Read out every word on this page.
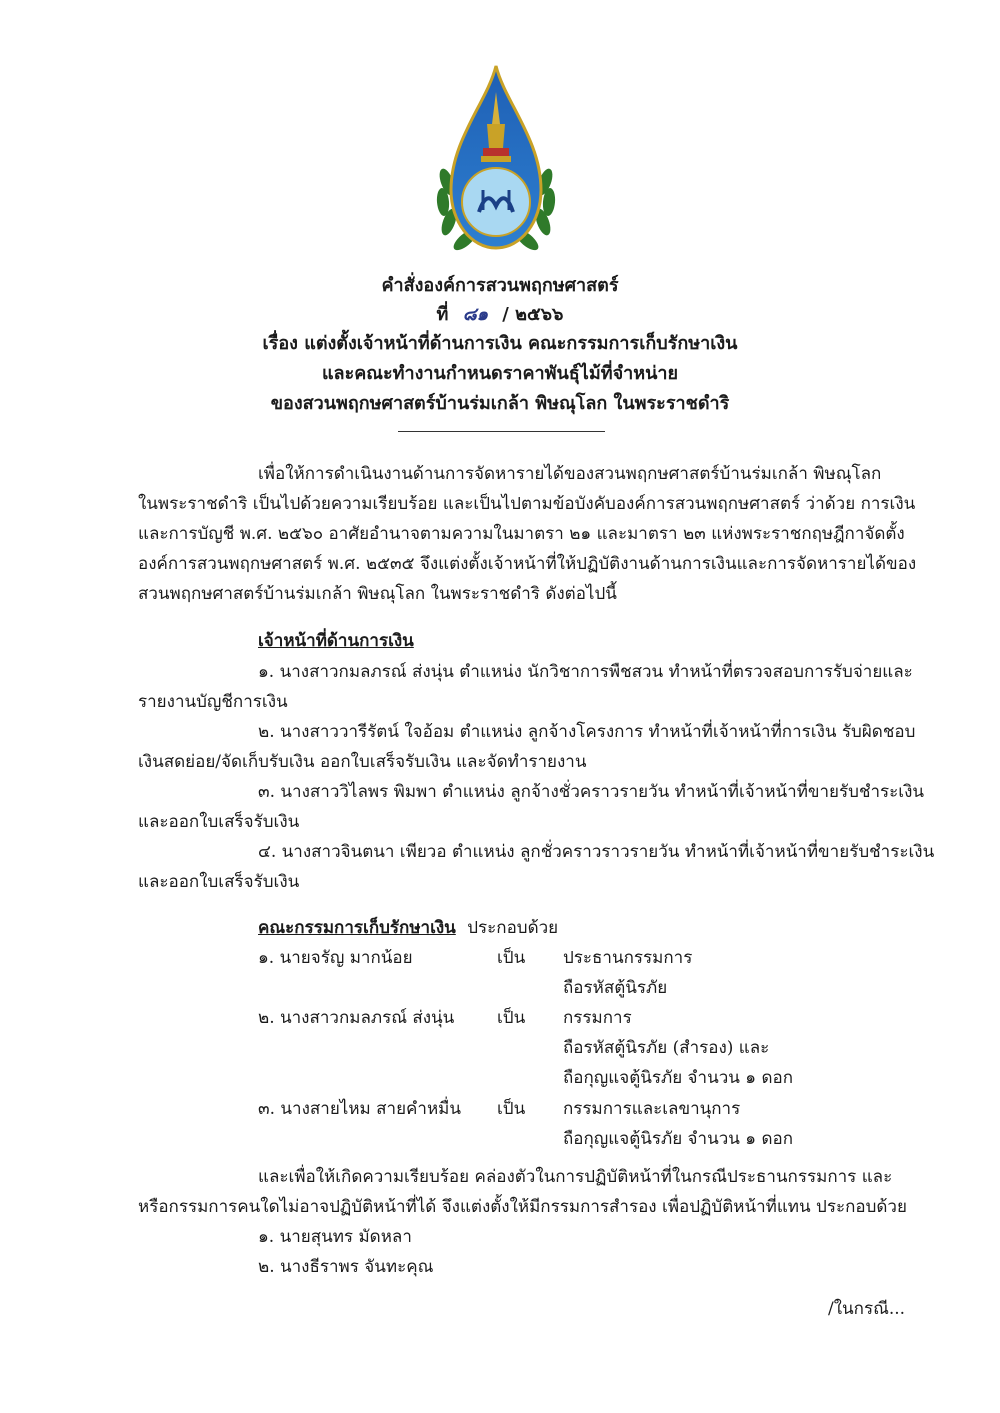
คำสั่งองค์การสวนพฤกษศาสตร์
ที่ ๘๑ / ๒๕๖๖
เรื่อง แต่งตั้งเจ้าหน้าที่ด้านการเงิน คณะกรรมการเก็บรักษาเงิน
และคณะทำงานกำหนดราคาพันธุ์ไม้ที่จำหน่าย
ของสวนพฤกษศาสตร์บ้านร่มเกล้า พิษณุโลก ในพระราชดำริ
เพื่อให้การดำเนินงานด้านการจัดหารายได้ของสวนพฤกษศาสตร์บ้านร่มเกล้า พิษณุโลก
ในพระราชดำริ เป็นไปด้วยความเรียบร้อย และเป็นไปตามข้อบังคับองค์การสวนพฤกษศาสตร์ ว่าด้วย การเงิน
และการบัญชี พ.ศ. ๒๕๖๐ อาศัยอำนาจตามความในมาตรา ๒๑ และมาตรา ๒๓ แห่งพระราชกฤษฎีกาจัดตั้ง
องค์การสวนพฤกษศาสตร์ พ.ศ. ๒๕๓๕ จึงแต่งตั้งเจ้าหน้าที่ให้ปฏิบัติงานด้านการเงินและการจัดหารายได้ของ
สวนพฤกษศาสตร์บ้านร่มเกล้า พิษณุโลก ในพระราชดำริ ดังต่อไปนี้
เจ้าหน้าที่ด้านการเงิน
๑. นางสาวกมลภรณ์ ส่งนุ่น ตำแหน่ง นักวิชาการพืชสวน ทำหน้าที่ตรวจสอบการรับจ่ายและ
รายงานบัญชีการเงิน
๒. นางสาววารีรัตน์ ใจอ้อม ตำแหน่ง ลูกจ้างโครงการ ทำหน้าที่เจ้าหน้าที่การเงิน รับผิดชอบ
เงินสดย่อย/จัดเก็บรับเงิน ออกใบเสร็จรับเงิน และจัดทำรายงาน
๓. นางสาววิไลพร พิมพา ตำแหน่ง ลูกจ้างชั่วคราวรายวัน ทำหน้าที่เจ้าหน้าที่ขายรับชำระเงิน
และออกใบเสร็จรับเงิน
๔. นางสาวจินตนา เพียวอ ตำแหน่ง ลูกชั่วคราวราวรายวัน ทำหน้าที่เจ้าหน้าที่ขายรับชำระเงิน
และออกใบเสร็จรับเงิน
คณะกรรมการเก็บรักษาเงิน ประกอบด้วย
๑. นายจรัญ มากน้อย	เป็น ประธานกรรมการ
ถือรหัสตู้นิรภัย
๒. นางสาวกมลภรณ์ ส่งนุ่น	เป็น กรรมการ
ถือรหัสตู้นิรภัย (สำรอง) และ
ถือกุญแจตู้นิรภัย จำนวน ๑ ดอก
๓. นางสายไหม สายคำหมื่น เป็น กรรมการและเลขานุการ
ถือกุญแจตู้นิรภัย จำนวน ๑ ดอก
และเพื่อให้เกิดความเรียบร้อย คล่องตัวในการปฏิบัติหน้าที่ในกรณีประธานกรรมการ และ
หรือกรรมการคนใดไม่อาจปฏิบัติหน้าที่ได้ จึงแต่งตั้งให้มีกรรมการสำรอง เพื่อปฏิบัติหน้าที่แทน ประกอบด้วย
๑. นายสุนทร มัดหลา
๒. นางธีราพร จันทะคุณ
/ในกรณี...
